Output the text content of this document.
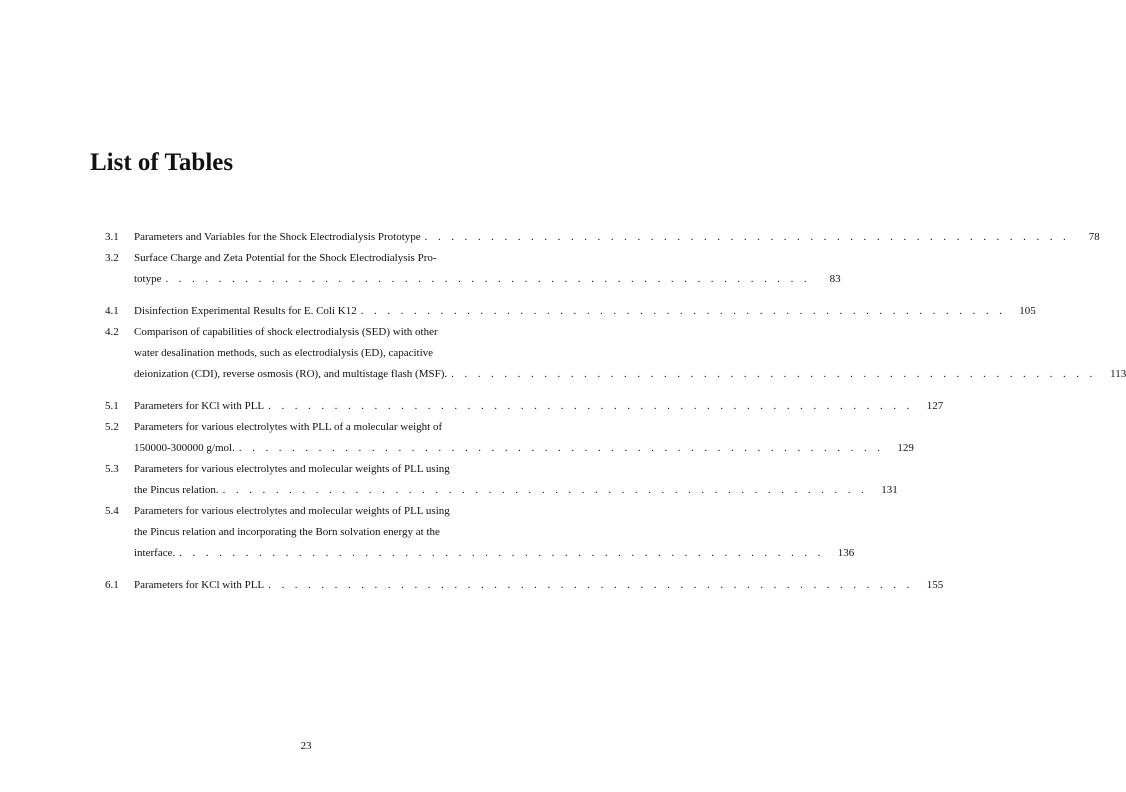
List of Tables
3.1	Parameters and Variables for the Shock Electrodialysis Prototype . . . . . . . . . . . . . . . . . . . . . . . . . . . . . . . . . . . . . . . . . . . . . . . . .	78
3.2	Surface Charge and Zeta Potential for the Shock Electrodialysis Pro-
totype . . . . . . . . . . . . . . . . . . . . . . . . . . . . . . . . . . . . . . . . . . . . . . . . .	83
4.1	Disinfection Experimental Results for E. Coli K12 . . . . . . . . . . . . . . . . . . . . . . . . . . . . . . . . . . . . . . . . . . . . . . . . .	105
4.2	Comparison of capabilities of shock electrodialysis (SED) with other
water desalination methods, such as electrodialysis (ED), capacitive
deionization (CDI), reverse osmosis (RO), and multistage flash (MSF). . . . . . . . . . . . . . . . . . . . . . . . . . . . . . . . . . . . . . . . . . . . . . . . . .	113
5.1	Parameters for KCl with PLL . . . . . . . . . . . . . . . . . . . . . . . . . . . . . . . . . . . . . . . . . . . . . . . . .	127
5.2	Parameters for various electrolytes with PLL of a molecular weight of
150000-300000 g/mol. . . . . . . . . . . . . . . . . . . . . . . . . . . . . . . . . . . . . . . . . . . . . . . . . .	129
5.3	Parameters for various electrolytes and molecular weights of PLL using
the Pincus relation. . . . . . . . . . . . . . . . . . . . . . . . . . . . . . . . . . . . . . . . . . . . . . . . . .	131
5.4	Parameters for various electrolytes and molecular weights of PLL using
the Pincus relation and incorporating the Born solvation energy at the
interface. . . . . . . . . . . . . . . . . . . . . . . . . . . . . . . . . . . . . . . . . . . . . . . . . .	136
6.1	Parameters for KCl with PLL . . . . . . . . . . . . . . . . . . . . . . . . . . . . . . . . . . . . . . . . . . . . . . . . .	155
23
